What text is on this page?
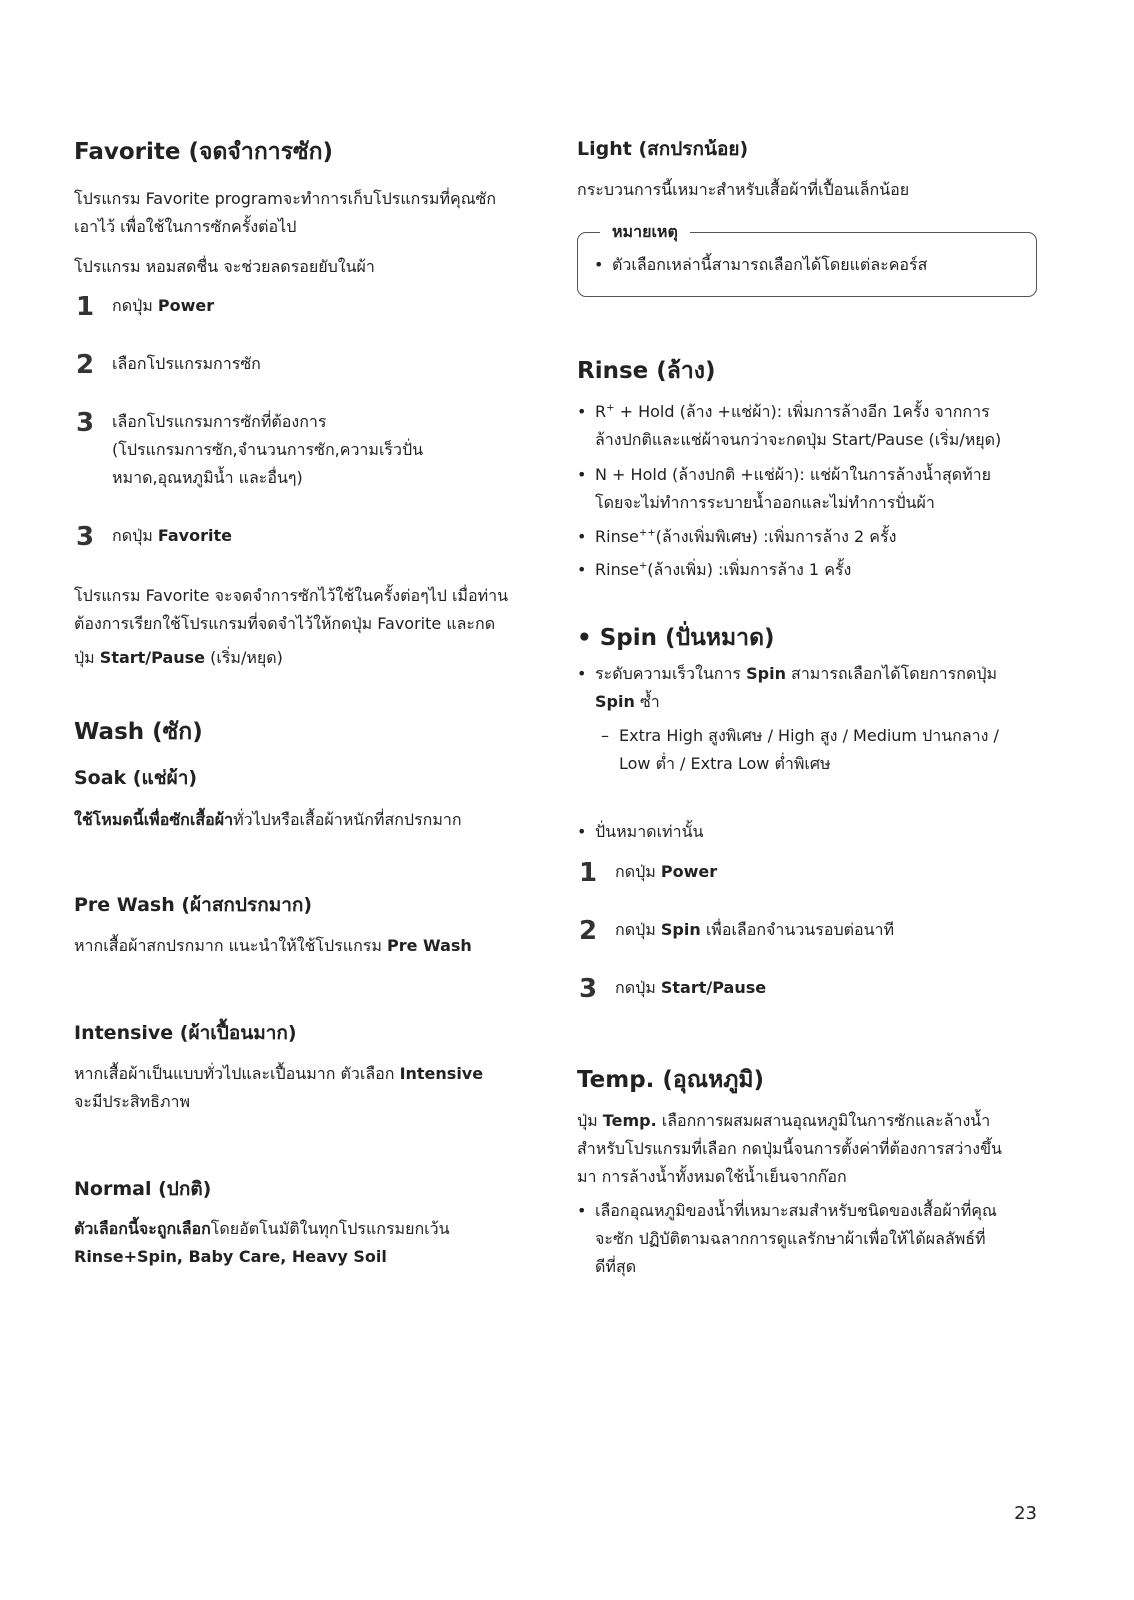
Favorite (จดจำการซัก)
โปรแกรม Favorite programจะทำการเก็บโปรแกรมที่คุณซัก
เอาไว้ เพื่อใช้ในการซักครั้งต่อไป
โปรแกรม หอมสดชื่น จะช่วยลดรอยยับในผ้า
1 กดปุ่ม Power
2 เลือกโปรแกรมการซัก
3 เลือกโปรแกรมการซักที่ต้องการ
(โปรแกรมการซัก,จำนวนการซัก,ความเร็วปั่น
หมาด,อุณหภูมิน้ำ และอื่นๆ)
3 กดปุ่ม Favorite
โปรแกรม Favorite จะจดจำการซักไว้ใช้ในครั้งต่อๆไป เมื่อท่าน
ต้องการเรียกใช้โปรแกรมที่จดจำไว้ให้กดปุ่ม Favorite และกด
ปุ่ม Start/Pause (เริ่ม/หยุด)
Wash (ซัก)
Soak (แช่ผ้า)
ใช้โหมดนี้เพื่อซักเสื้อผ้าทั่วไปหรือเสื้อผ้าหนักที่สกปรกมาก
Pre Wash (ผ้าสกปรกมาก)
หากเสื้อผ้าสกปรกมาก แนะนำให้ใช้โปรแกรม Pre Wash
Intensive (ผ้าเปื้อนมาก)
หากเสื้อผ้าเป็นแบบทั่วไปและเปื้อนมาก ตัวเลือก Intensive
จะมีประสิทธิภาพ
Normal (ปกติ)
ตัวเลือกนี้จะถูกเลือกโดยอัตโนมัติในทุกโปรแกรมยกเว้น
Rinse+Spin, Baby Care, Heavy Soil
Light (สกปรกน้อย)
กระบวนการนี้เหมาะสำหรับเสื้อผ้าที่เปื้อนเล็กน้อย
หมายเหตุ
• ตัวเลือกเหล่านี้สามารถเลือกได้โดยแต่ละคอร์ส
Rinse (ล้าง)
• R+ + Hold (ล้าง +แช่ผ้า): เพิ่มการล้างอีก 1ครั้ง จากการ
ล้างปกติและแช่ผ้าจนกว่าจะกดปุ่ม Start/Pause (เริ่ม/หยุด)
• N + Hold (ล้างปกติ +แช่ผ้า): แช่ผ้าในการล้างน้ำสุดท้าย
โดยจะไม่ทำการระบายน้ำออกและไม่ทำการปั่นผ้า
• Rinse++(ล้างเพิ่มพิเศษ) :เพิ่มการล้าง 2 ครั้ง
• Rinse+(ล้างเพิ่ม) :เพิ่มการล้าง 1 ครั้ง
• Spin (ปั่นหมาด)
• ระดับความเร็วในการ Spin สามารถเลือกได้โดยการกดปุ่ม
Spin ซ้ำ
– Extra High สูงพิเศษ / High สูง / Medium ปานกลาง /
Low ต่ำ / Extra Low ต่ำพิเศษ
• ปั่นหมาดเท่านั้น
1 กดปุ่ม Power
2 กดปุ่ม Spin เพื่อเลือกจำนวนรอบต่อนาที
3 กดปุ่ม Start/Pause
Temp. (อุณหภูมิ)
ปุ่ม Temp. เลือกการผสมผสานอุณหภูมิในการซักและล้างน้ำ
สำหรับโปรแกรมที่เลือก กดปุ่มนี้จนการตั้งค่าที่ต้องการสว่างขึ้น
มา การล้างน้ำทั้งหมดใช้น้ำเย็นจากก๊อก
• เลือกอุณหภูมิของน้ำที่เหมาะสมสำหรับชนิดของเสื้อผ้าที่คุณ
จะซัก ปฏิบัติตามฉลากการดูแลรักษาผ้าเพื่อให้ได้ผลลัพธ์ที่
ดีที่สุด
23
